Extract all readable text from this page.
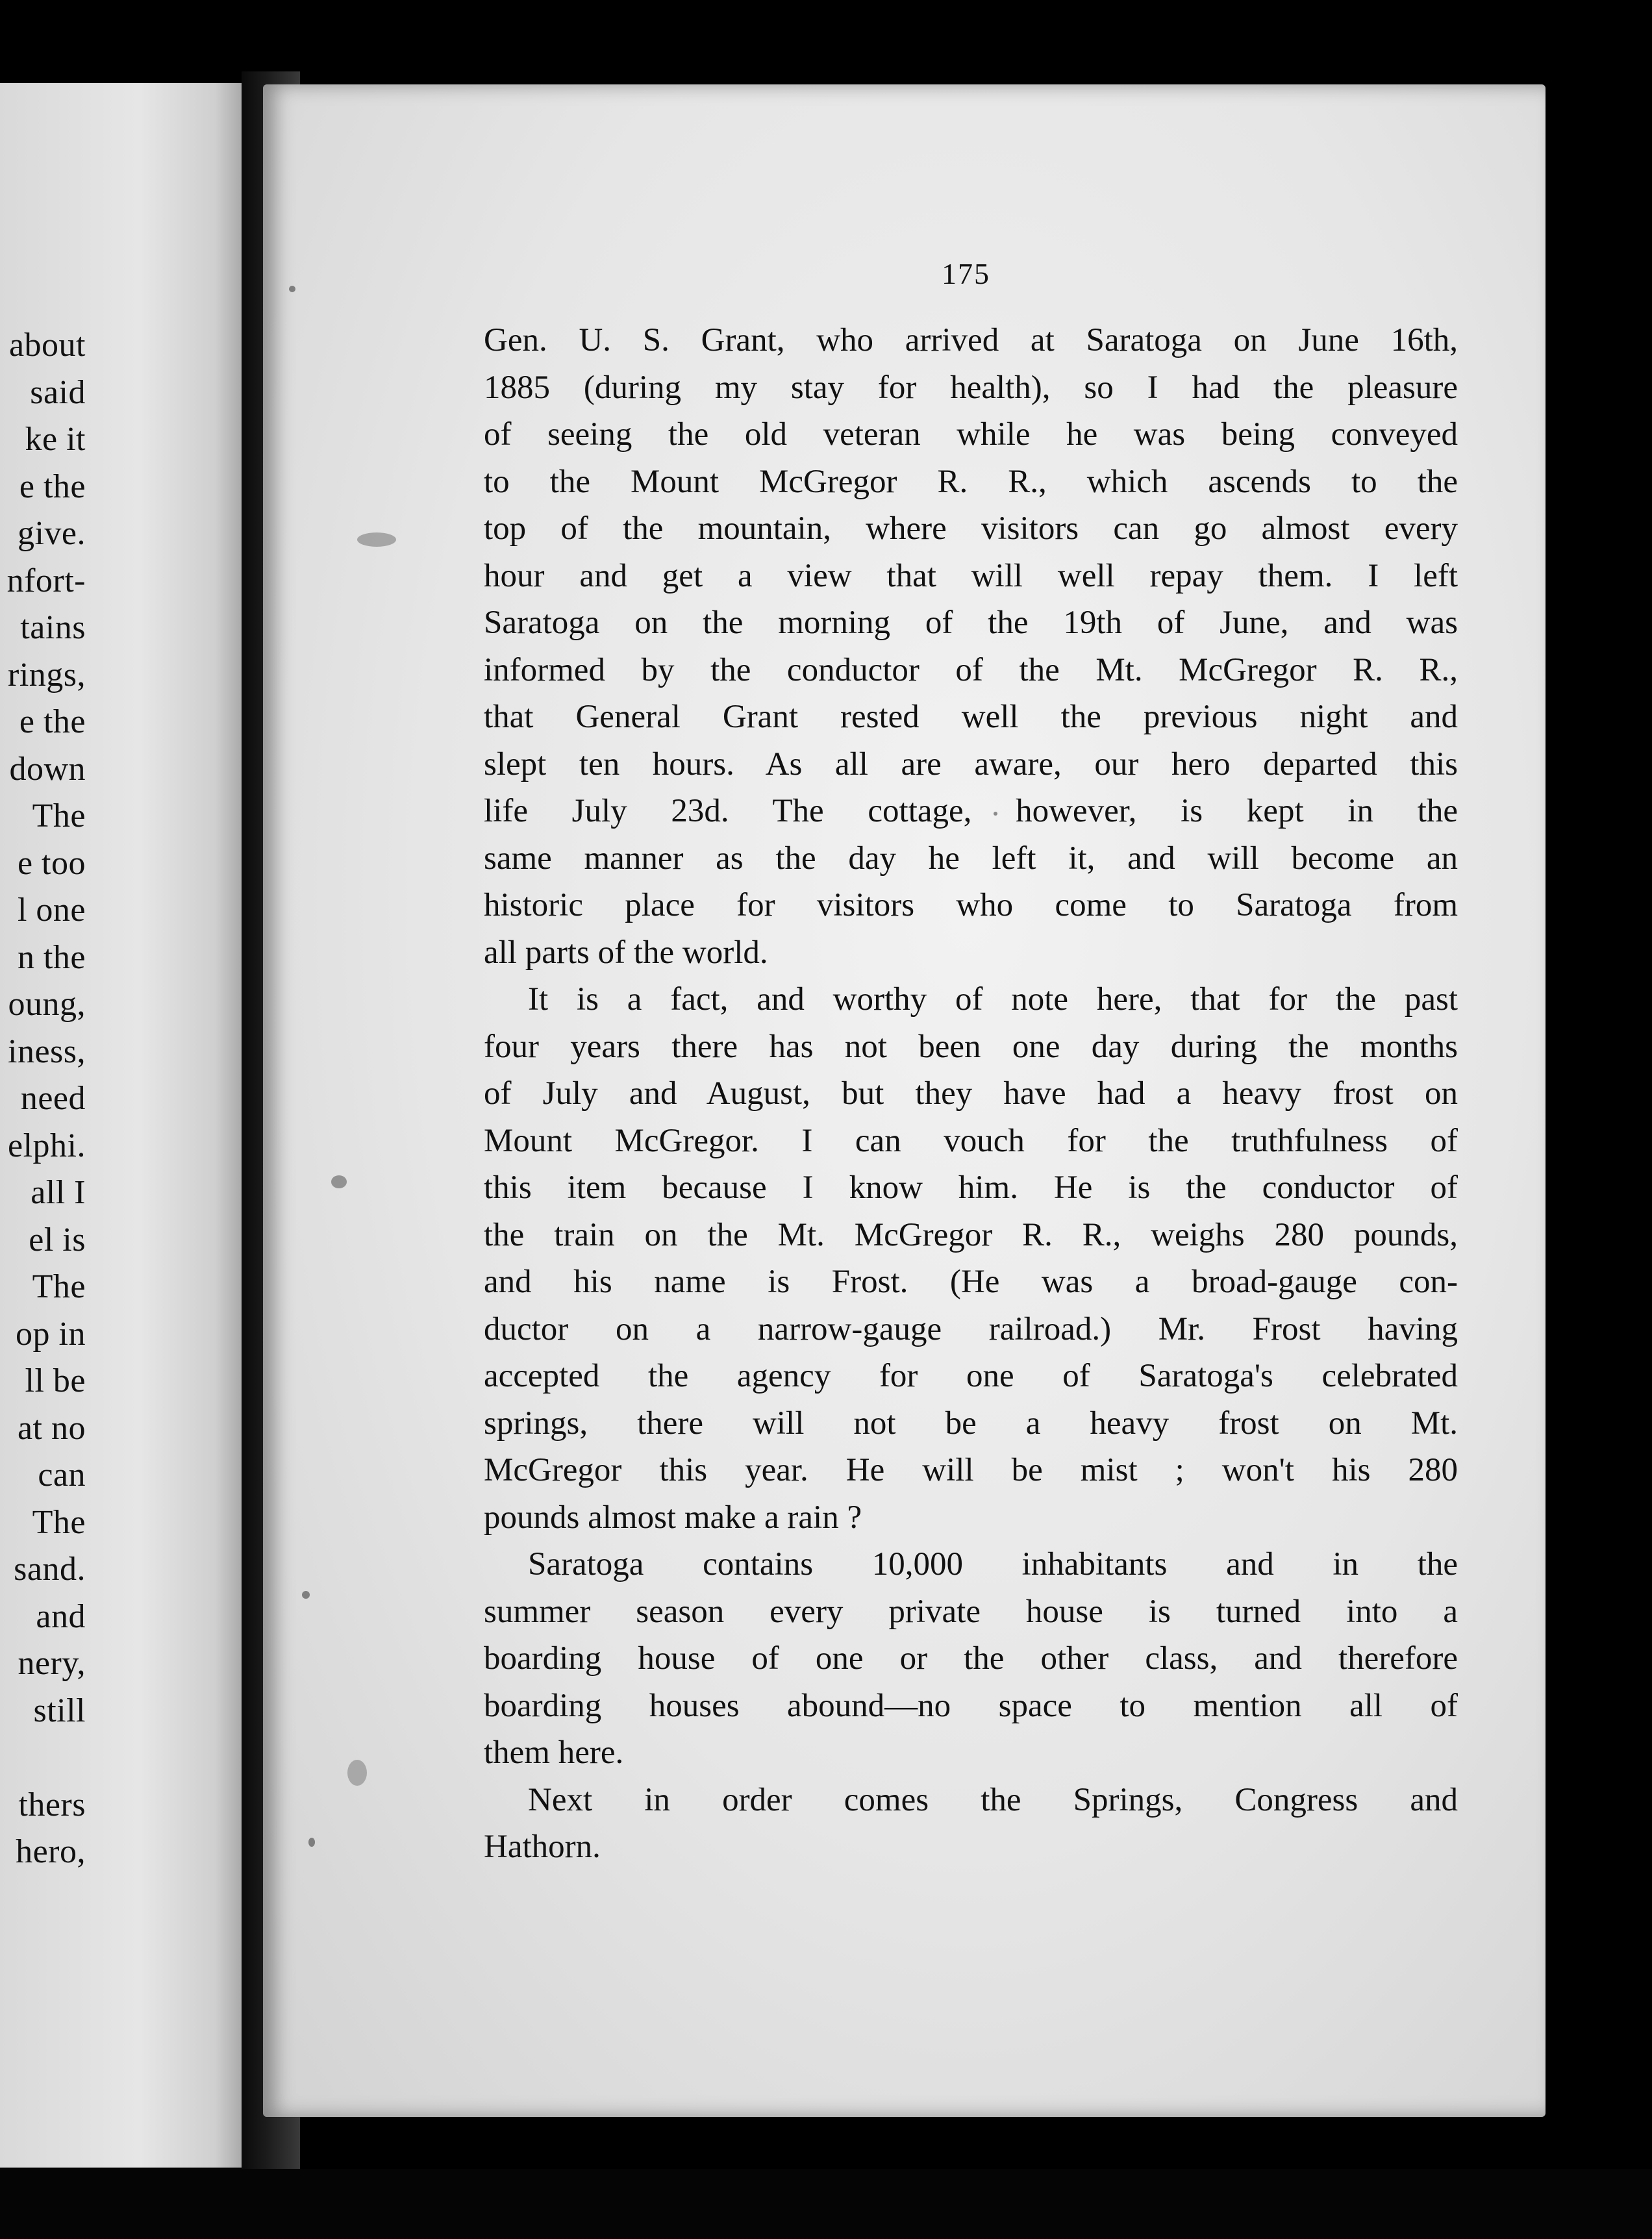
about
said
ke it
e the
give.
nfort-
tains
rings,
e the
down
The
e too
l one
n the
oung,
iness,
need
elphi.
all I
el is
The
op in
ll be
at no
can
The
sand.
and
nery,
still
thers
hero,
175
Gen. U. S. Grant, who arrived at Saratoga on June 16th,
1885 (during my stay for health), so I had the pleasure
of seeing the old veteran while he was being conveyed
to the Mount McGregor R. R., which ascends to the
top of the mountain, where visitors can go almost every
hour and get a view that will well repay them. I left
Saratoga on the morning of the 19th of June, and was
informed by the conductor of the Mt. McGregor R. R.,
that General Grant rested well the previous night and
slept ten hours. As all are aware, our hero departed this
life July 23d. The cottage, however, is kept in the
same manner as the day he left it, and will become an
historic place for visitors who come to Saratoga from
all parts of the world.
It is a fact, and worthy of note here, that for the past
four years there has not been one day during the months
of July and August, but they have had a heavy frost on
Mount McGregor. I can vouch for the truthfulness of
this item because I know him. He is the conductor of
the train on the Mt. McGregor R. R., weighs 280 pounds,
and his name is Frost. (He was a broad-gauge con-
ductor on a narrow-gauge railroad.) Mr. Frost having
accepted the agency for one of Saratoga's celebrated
springs, there will not be a heavy frost on Mt.
McGregor this year. He will be mist ; won't his 280
pounds almost make a rain ?
Saratoga contains 10,000 inhabitants and in the
summer season every private house is turned into a
boarding house of one or the other class, and therefore
boarding houses abound—no space to mention all of
them here.
Next in order comes the Springs, Congress and
Hathorn.
